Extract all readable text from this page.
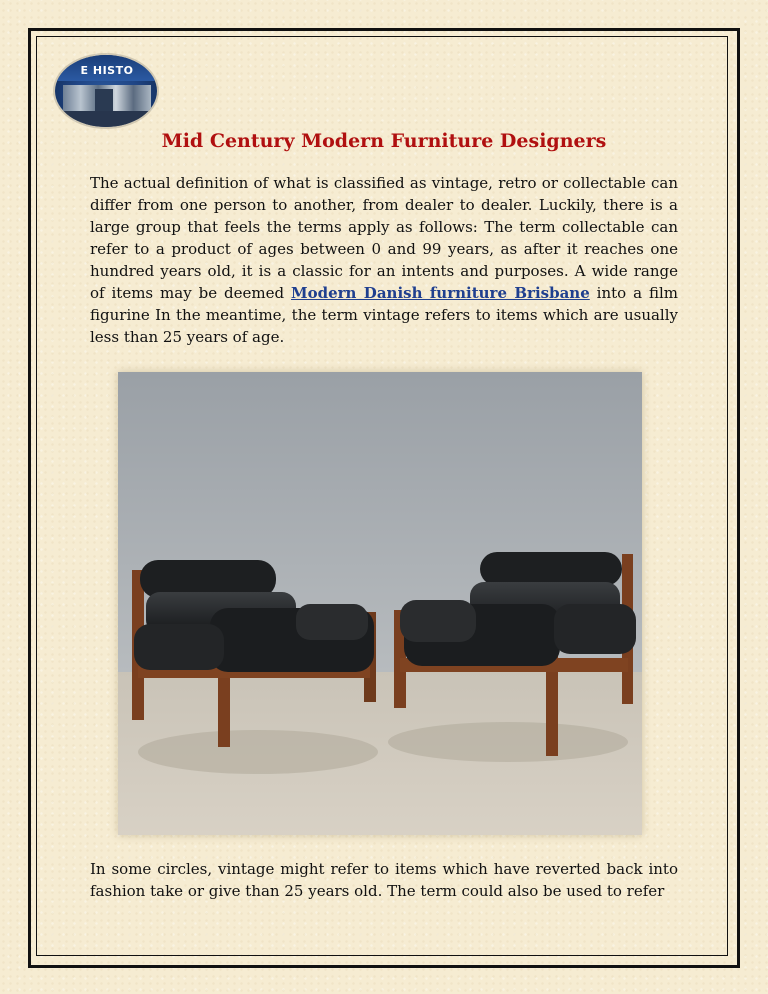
E HISTO
Mid Century Modern Furniture Designers

The actual definition of what is classified as vintage, retro or collectable can differ from one person to another, from dealer to dealer. Luckily, there is a large group that feels the terms apply as follows: The term collectable can refer to a product of ages between 0 and 99 years, as after it reaches one hundred years old, it is a classic for an intents and purposes. A wide range of items may be deemed Modern Danish furniture Brisbane into a film figurine In the meantime, the term vintage refers to items which are usually less than 25 years of age.

In some circles, vintage might refer to items which have reverted back into fashion take or give than 25 years old. The term could also be used to refer
